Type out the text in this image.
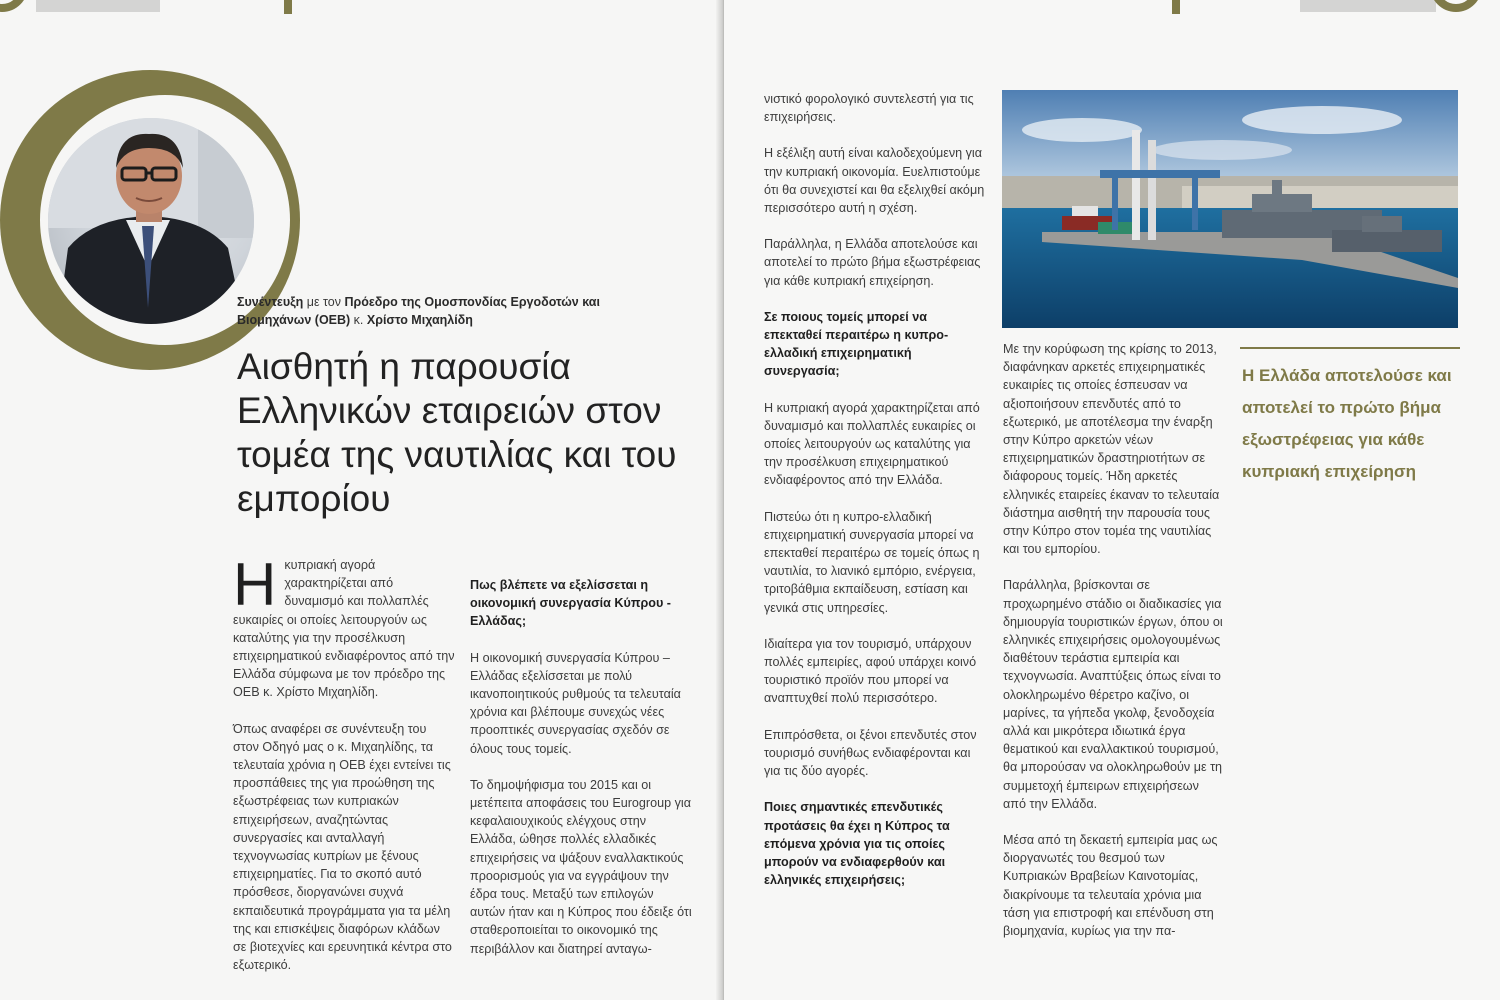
Συνέντευξη με τον Πρόεδρο της Ομοσπονδίας Εργοδοτών και Βιομηχάνων (ΟΕΒ) κ. Χρίστο Μιχαηλίδη

Αισθητή η παρουσία Ελληνικών εταιρειών στον τομέα της ναυτιλίας και του εμπορίου

Ηκυπριακή αγορά χαρακτηρίζεται από δυναμισμό και πολλαπλές ευκαιρίες οι οποίες λειτουργούν ως καταλύτης για την προσέλκυση επιχειρηματικού ενδιαφέροντος από την Ελλάδα σύμφωνα με τον πρόεδρο της ΟΕΒ κ. Χρίστο Μιχαηλίδη.

Όπως αναφέρει σε συνέντευξη του στον Οδηγό μας ο κ. Μιχαηλίδης, τα τελευταία χρόνια η ΟΕΒ έχει εντείνει τις προσπάθειες της για προώθηση της εξωστρέφειας των κυπριακών επιχειρήσεων, αναζητώντας συνεργασίες και ανταλλαγή τεχνογνωσίας κυπρίων με ξένους επιχειρηματίες. Για το σκοπό αυτό πρόσθεσε, διοργανώνει συχνά εκπαιδευτικά προγράμματα για τα μέλη της και επισκέψεις διαφόρων κλάδων σε βιοτεχνίες και ερευνητικά κέντρα στο εξωτερικό.

Πως βλέπετε να εξελίσσεται η οικονομική συνεργασία Κύπρου - Ελλάδας;

Η οικονομική συνεργασία Κύπρου – Ελλάδας εξελίσσεται με πολύ ικανοποιητικούς ρυθμούς τα τελευταία χρόνια και βλέπουμε συνεχώς νέες προοπτικές συνεργασίας σχεδόν σε όλους τους τομείς.

Το δημοψήφισμα του 2015 και οι μετέπειτα αποφάσεις του Eurogroup για κεφαλαιουχικούς ελέγχους στην Ελλάδα, ώθησε πολλές ελλαδικές επιχειρήσεις να ψάξουν εναλλακτικούς προορισμούς για να εγγράψουν την έδρα τους. Μεταξύ των επιλογών αυτών ήταν και η Κύπρος που έδειξε ότι σταθεροποιείται το οικονομικό της περιβάλλον και διατηρεί ανταγω-

νιστικό φορολογικό συντελεστή για τις επιχειρήσεις.

Η εξέλιξη αυτή είναι καλοδεχούμενη για την κυπριακή οικονομία. Ευελπιστούμε ότι θα συνεχιστεί και θα εξελιχθεί ακόμη περισσότερο αυτή η σχέση.

Παράλληλα, η Ελλάδα αποτελούσε και αποτελεί το πρώτο βήμα εξωστρέφειας για κάθε κυπριακή επιχείρηση.

Σε ποιους τομείς μπορεί να επεκταθεί περαιτέρω η κυπρο-ελλαδική επιχειρηματική συνεργασία;

Η κυπριακή αγορά χαρακτηρίζεται από δυναμισμό και πολλαπλές ευκαιρίες οι οποίες λειτουργούν ως καταλύτης για την προσέλκυση επιχειρηματικού ενδιαφέροντος από την Ελλάδα.

Πιστεύω ότι η κυπρο-ελλαδική επιχειρηματική συνεργασία μπορεί να επεκταθεί περαιτέρω σε τομείς όπως η ναυτιλία, το λιανικό εμπόριο, ενέργεια, τριτοβάθμια εκπαίδευση, εστίαση και γενικά στις υπηρεσίες.

Ιδιαίτερα για τον τουρισμό, υπάρχουν πολλές εμπειρίες, αφού υπάρχει κοινό τουριστικό προϊόν που μπορεί να αναπτυχθεί πολύ περισσότερο.

Επιπρόσθετα, οι ξένοι επενδυτές στον τουρισμό συνήθως ενδιαφέρονται και για τις δύο αγορές.

Ποιες σημαντικές επενδυτικές προτάσεις θα έχει η Κύπρος τα επόμενα χρόνια για τις οποίες μπορούν να ενδιαφερθούν και ελληνικές επιχειρήσεις;

Με την κορύφωση της κρίσης το 2013, διαφάνηκαν αρκετές επιχειρηματικές ευκαιρίες τις οποίες έσπευσαν να αξιοποιήσουν επενδυτές από το εξωτερικό, με αποτέλεσμα την έναρξη στην Κύπρο αρκετών νέων επιχειρηματικών δραστηριοτήτων σε διάφορους τομείς. Ήδη αρκετές ελληνικές εταιρείες έκαναν το τελευταία διάστημα αισθητή την παρουσία τους στην Κύπρο στον τομέα της ναυτιλίας και του εμπορίου.

Παράλληλα, βρίσκονται σε προχωρημένο στάδιο οι διαδικασίες για δημιουργία τουριστικών έργων, όπου οι ελληνικές επιχειρήσεις ομολογουμένως διαθέτουν τεράστια εμπειρία και τεχνογνωσία. Αναπτύξεις όπως είναι το ολοκληρωμένο θέρετρο καζίνο, οι μαρίνες, τα γήπεδα γκολφ, ξενοδοχεία αλλά και μικρότερα ιδιωτικά έργα θεματικού και εναλλακτικού τουρισμού, θα μπορούσαν να ολοκληρωθούν με τη συμμετοχή έμπειρων επιχειρήσεων από την Ελλάδα.

Μέσα από τη δεκαετή εμπειρία μας ως διοργανωτές του θεσμού των Κυπριακών Βραβείων Καινοτομίας, διακρίνουμε τα τελευταία χρόνια μια τάση για επιστροφή και επένδυση στη βιομηχανία, κυρίως για την πα-

Η Ελλάδα αποτελούσε και αποτελεί το πρώτο βήμα εξωστρέφειας για κάθε κυπριακή επιχείρηση
